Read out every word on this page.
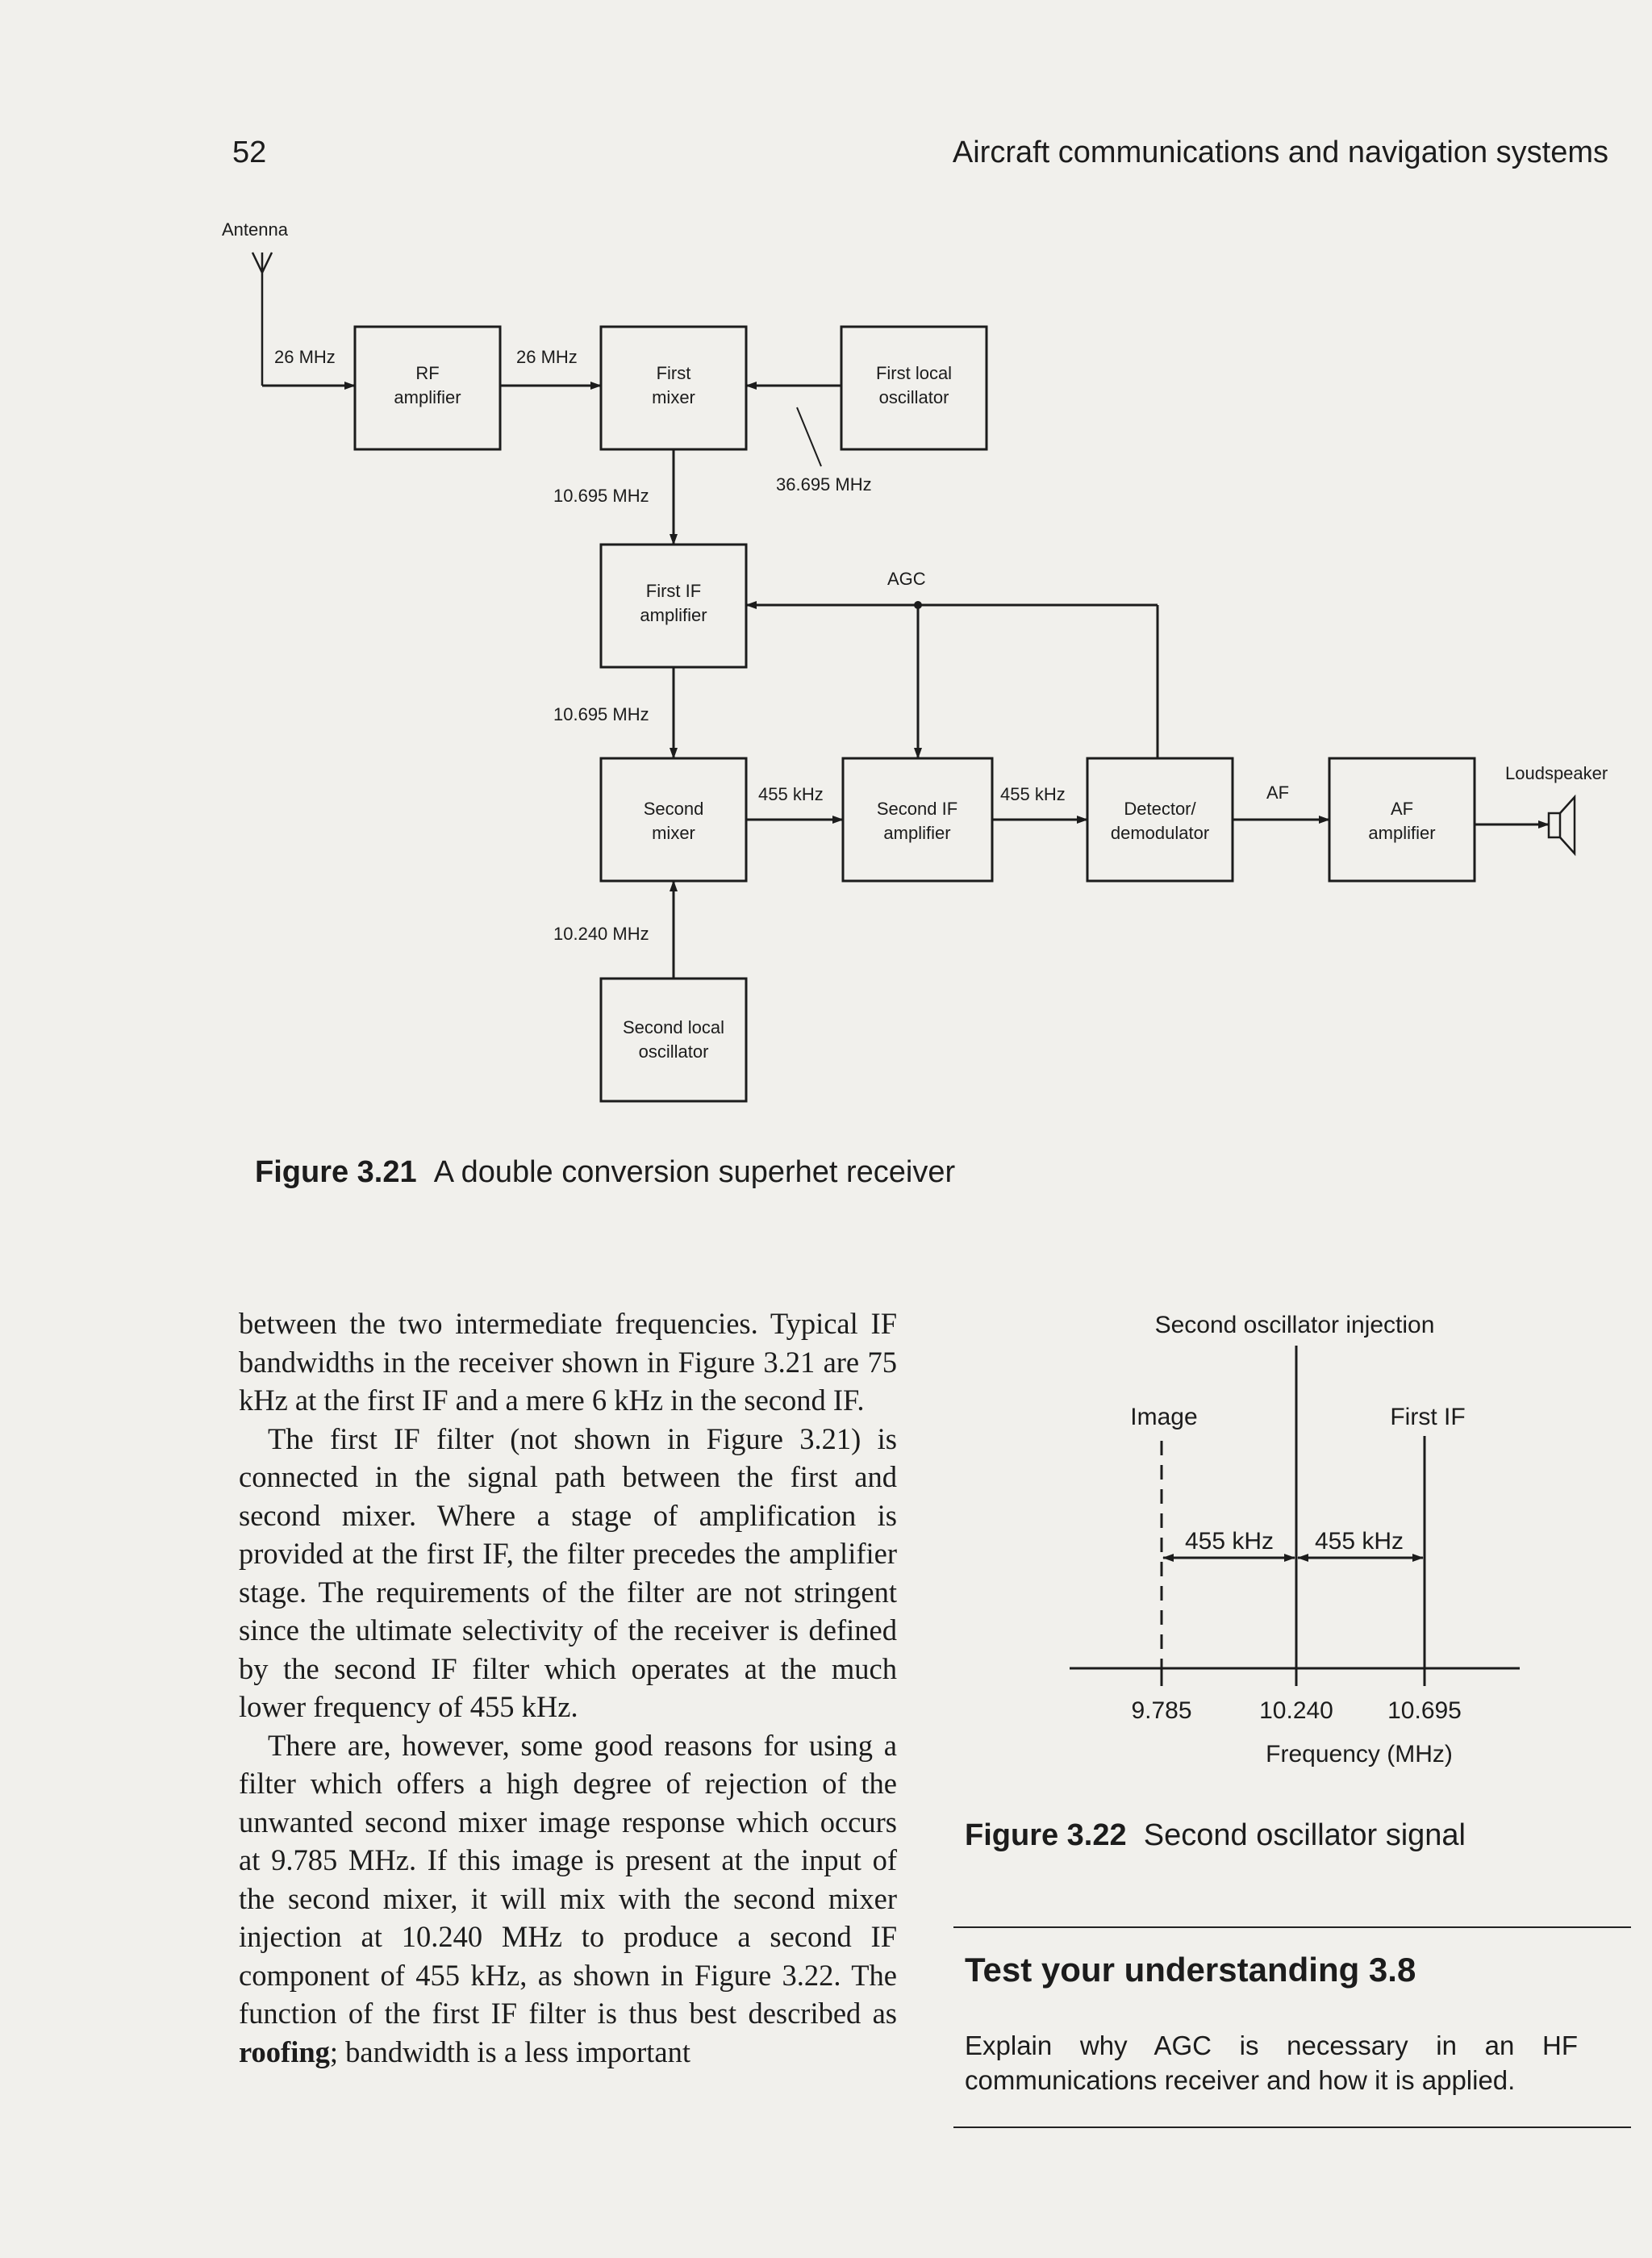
52	Aircraft communications and navigation systems
RF
amplifier
First
mixer
First local
oscillator
First IF
amplifier
Second
mixer
Second IF
amplifier
Detector/
demodulator
AF
amplifier
Second local
oscillator
Antenna
26 MHz	26 MHz
36.695 MHz
10.695 MHz
10.695 MHz
455 kHz	455 kHz
AGC
AF
Loudspeaker
10.240 MHz
Figure 3.21 A double conversion superhet receiver

between the two intermediate frequencies. Typical IF bandwidths in the receiver shown in Figure 3.21 are 75 kHz at the first IF and a mere 6 kHz in the second IF.

The first IF filter (not shown in Figure 3.21) is connected in the signal path between the first and second mixer. Where a stage of amplification is provided at the first IF, the filter precedes the amplifier stage. The requirements of the filter are not stringent since the ultimate selectivity of the receiver is defined by the second IF filter which operates at the much lower frequency of 455 kHz.

There are, however, some good reasons for using a filter which offers a high degree of rejection of the unwanted second mixer image response which occurs at 9.785 MHz. If this image is present at the input of the second mixer, it will mix with the second mixer injection at 10.240 MHz to produce a second IF component of 455 kHz, as shown in Figure 3.22. The function of the first IF filter is thus best described as roofing; bandwidth is a less important

Second oscillator injection
Image	First IF
455 kHz 455 kHz
9.785	10.240 10.695
Frequency (MHz)
Figure 3.22 Second oscillator signal
Test your understanding 3.8
Explain why AGC is necessary in an HF communications receiver and how it is applied.
